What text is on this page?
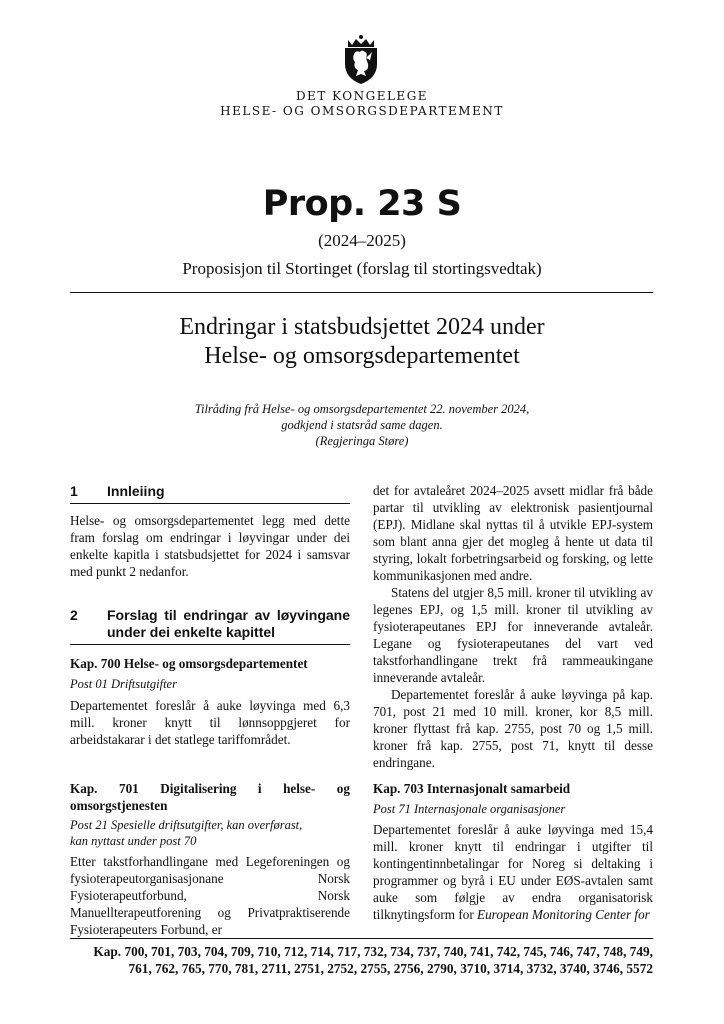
DET KONGELEGE
HELSE- OG OMSORGSDEPARTEMENT
Prop. 23 S
(2024–2025)
Proposisjon til Stortinget (forslag til stortingsvedtak)
Endringar i statsbudsjettet 2024 under
Helse- og omsorgsdepartementet
Tilråding frå Helse- og omsorgsdepartementet 22. november 2024,
godkjend i statsråd same dagen.
(Regjeringa Støre)
1	Innleiing

Helse- og omsorgsdepartementet legg med dette fram forslag om endringar i løyvingar under dei enkelte kapitla i statsbudsjettet for 2024 i samsvar med punkt 2 nedanfor.

2	Forslag til endringar av løyvingane under dei enkelte kapittel
Kap. 700 Helse- og omsorgsdepartementet
Post 01 Driftsutgifter

Departementet foreslår å auke løyvinga med 6,3 mill. kroner knytt til lønnsoppgjeret for arbeidstakarar i det statlege tariffområdet.

Kap. 701 Digitalisering i helse- og omsorgstjenesten
Post 21 Spesielle driftsutgifter, kan overførast,
kan nyttast under post 70

Etter takstforhandlingane med Legeforeningen og fysioterapeutorganisasjonane Norsk Fysioterapeutforbund, Norsk Manuellterapeutforening og Privatpraktiserende Fysioterapeuters Forbund, er

det for avtaleåret 2024–2025 avsett midlar frå både partar til utvikling av elektronisk pasientjournal (EPJ). Midlane skal nyttas til å utvikle EPJ-system som blant anna gjer det mogleg å hente ut data til styring, lokalt forbetringsarbeid og forsking, og lette kommunikasjonen med andre.

Statens del utgjer 8,5 mill. kroner til utvikling av legenes EPJ, og 1,5 mill. kroner til utvikling av fysioterapeutanes EPJ for inneverande avtaleår. Legane og fysioterapeutanes del vart ved takstforhandlingane trekt frå rammeaukingane inneverande avtaleår.

Departementet foreslår å auke løyvinga på kap. 701, post 21 med 10 mill. kroner, kor 8,5 mill. kroner flyttast frå kap. 2755, post 70 og 1,5 mill. kroner frå kap. 2755, post 71, knytt til desse endringane.

Kap. 703 Internasjonalt samarbeid
Post 71 Internasjonale organisasjoner

Departementet foreslår å auke løyvinga med 15,4 mill. kroner knytt til endringar i utgifter til kontingentinnbetalingar for Noreg si deltaking i programmer og byrå i EU under EØS-avtalen samt auke som følgje av endra organisatorisk tilknytingsform for European Monitoring Center for

Kap. 700, 701, 703, 704, 709, 710, 712, 714, 717, 732, 734, 737, 740, 741, 742, 745, 746, 747, 748, 749, 761, 762, 765, 770, 781, 2711, 2751, 2752, 2755, 2756, 2790, 3710, 3714, 3732, 3740, 3746, 5572
